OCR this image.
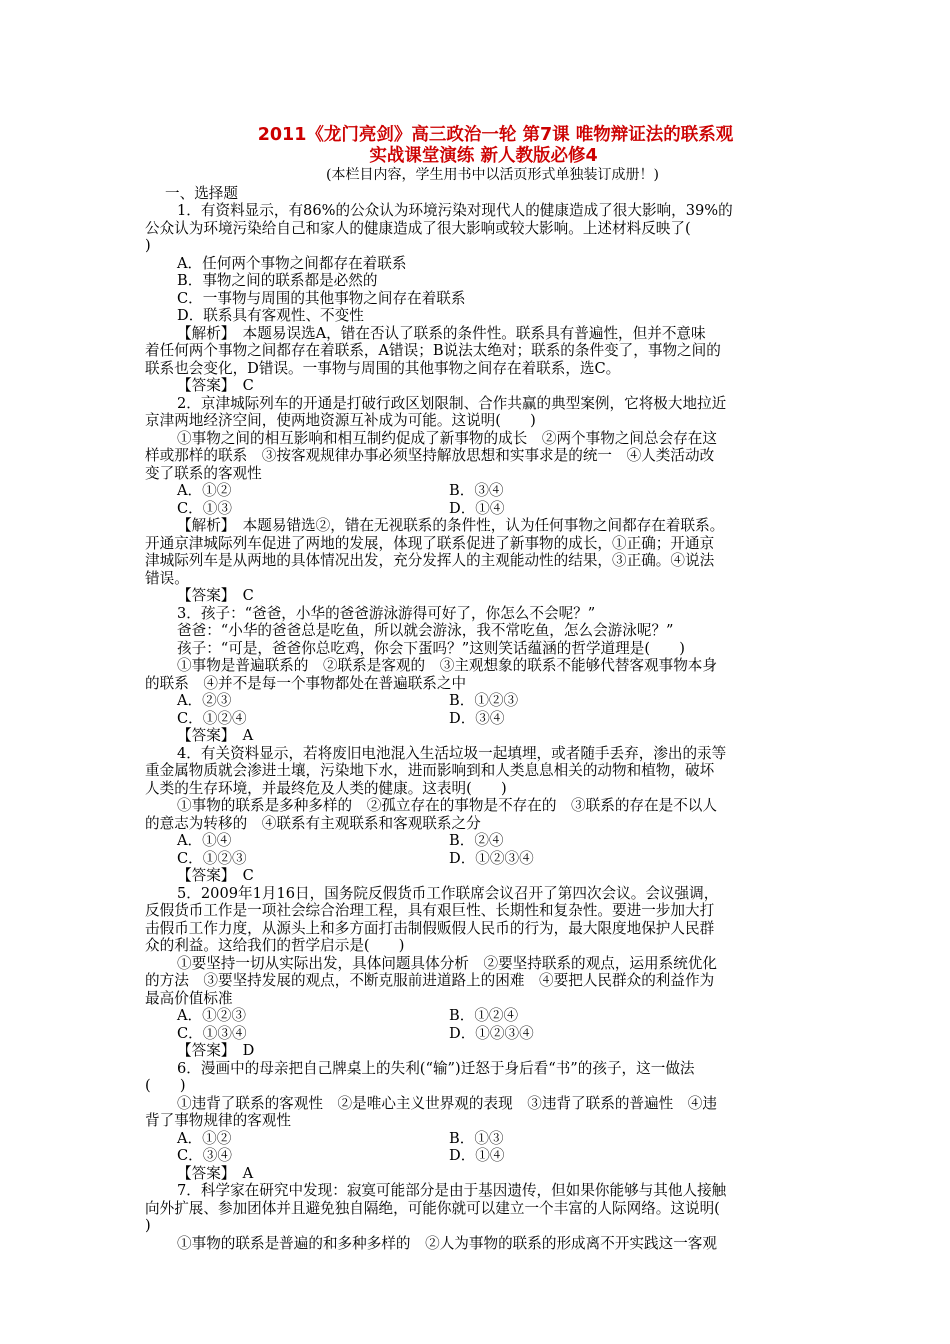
2011《龙门亮剑》高三政治一轮 第7课 唯物辩证法的联系观
实战课堂演练 新人教版必修4
(本栏目内容，学生用书中以活页形式单独装订成册！)
一、选择题
1．有资料显示，有86%的公众认为环境污染对现代人的健康造成了很大影响，39%的
公众认为环境污染给自己和家人的健康造成了很大影响或较大影响。上述材料反映了(
)
A．任何两个事物之间都存在着联系
B．事物之间的联系都是必然的
C．一事物与周围的其他事物之间存在着联系
D．联系具有客观性、不变性
【解析】　本题易误选A，错在否认了联系的条件性。联系具有普遍性，但并不意味
着任何两个事物之间都存在着联系，A错误；B说法太绝对；联系的条件变了，事物之间的
联系也会变化，D错误。一事物与周围的其他事物之间存在着联系，选C。
【答案】　C
2．京津城际列车的开通是打破行政区划限制、合作共赢的典型案例，它将极大地拉近
京津两地经济空间，使两地资源互补成为可能。这说明(　　)
①事物之间的相互影响和相互制约促成了新事物的成长　②两个事物之间总会存在这
样或那样的联系　③按客观规律办事必须坚持解放思想和实事求是的统一　④人类活动改
变了联系的客观性
A．①②	B．③④
C．①③	D．①④
【解析】　本题易错选②，错在无视联系的条件性，认为任何事物之间都存在着联系。
开通京津城际列车促进了两地的发展，体现了联系促进了新事物的成长，①正确；开通京
津城际列车是从两地的具体情况出发，充分发挥人的主观能动性的结果，③正确。④说法
错误。
【答案】　C
3．孩子：“爸爸，小华的爸爸游泳游得可好了，你怎么不会呢？”
爸爸：“小华的爸爸总是吃鱼，所以就会游泳，我不常吃鱼，怎么会游泳呢？”
孩子：“可是，爸爸你总吃鸡，你会下蛋吗？”这则笑话蕴涵的哲学道理是(　　)
①事物是普遍联系的　②联系是客观的　③主观想象的联系不能够代替客观事物本身
的联系　④并不是每一个事物都处在普遍联系之中
A．②③	B．①②③
C．①②④	D．③④
【答案】　A
4．有关资料显示，若将废旧电池混入生活垃圾一起填埋，或者随手丢弃，渗出的汞等
重金属物质就会渗进土壤，污染地下水，进而影响到和人类息息相关的动物和植物，破坏
人类的生存环境，并最终危及人类的健康。这表明(　　)
①事物的联系是多种多样的　②孤立存在的事物是不存在的　③联系的存在是不以人
的意志为转移的　④联系有主观联系和客观联系之分
A．①④	B．②④
C．①②③	D．①②③④
【答案】　C
5．2009年1月16日，国务院反假货币工作联席会议召开了第四次会议。会议强调，
反假货币工作是一项社会综合治理工程，具有艰巨性、长期性和复杂性。要进一步加大打
击假币工作力度，从源头上和多方面打击制假贩假人民币的行为，最大限度地保护人民群
众的利益。这给我们的哲学启示是(　　)
①要坚持一切从实际出发，具体问题具体分析　②要坚持联系的观点，运用系统优化
的方法　③要坚持发展的观点，不断克服前进道路上的困难　④要把人民群众的利益作为
最高价值标准
A．①②③	B．①②④
C．①③④	D．①②③④
【答案】　D
6．漫画中的母亲把自己牌桌上的失利(“输”)迁怒于身后看“书”的孩子，这一做法
(　　)
①违背了联系的客观性　②是唯心主义世界观的表现　③违背了联系的普遍性　④违
背了事物规律的客观性
A．①②	B．①③
C．③④	D．①④
【答案】　A
7．科学家在研究中发现：寂寞可能部分是由于基因遗传，但如果你能够与其他人接触
向外扩展、参加团体并且避免独自隔绝，可能你就可以建立一个丰富的人际网络。这说明(
)
①事物的联系是普遍的和多种多样的　②人为事物的联系的形成离不开实践这一客观
